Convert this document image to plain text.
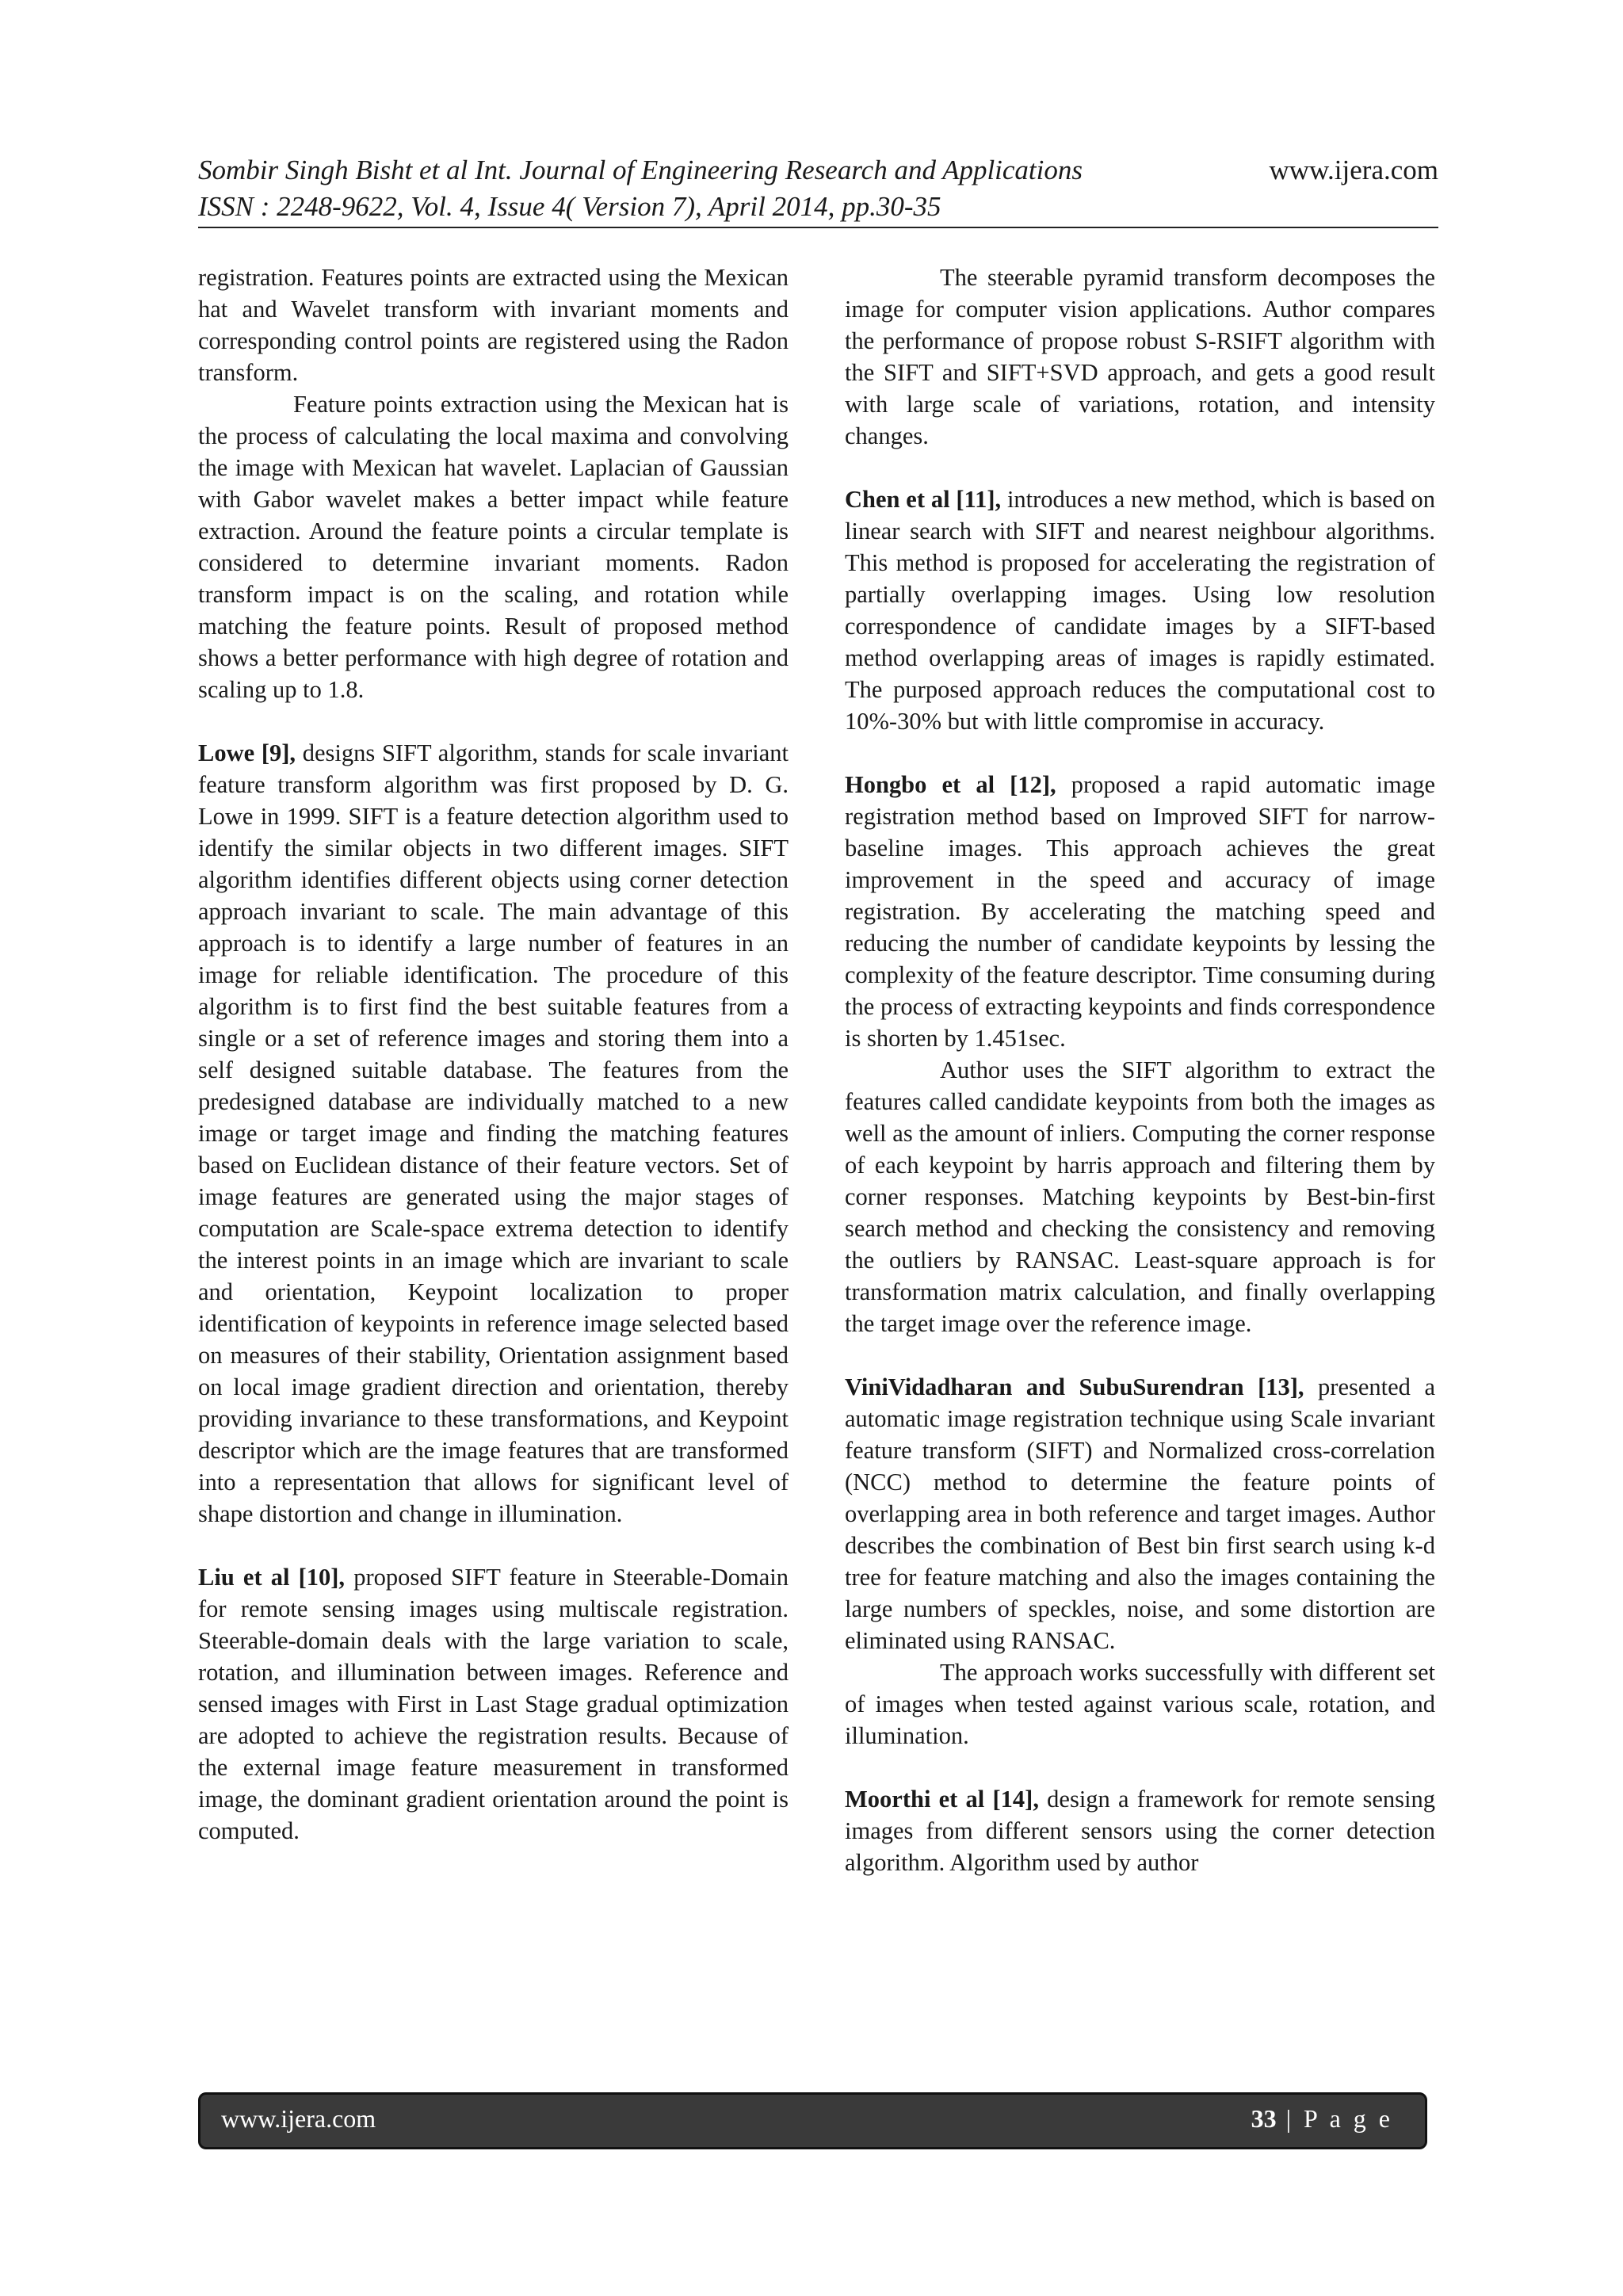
Sombir Singh Bisht et al Int. Journal of Engineering Research and Applications	www.ijera.com
ISSN : 2248-9622, Vol. 4, Issue 4( Version 7), April 2014, pp.30-35

registration. Features points are extracted using the Mexican hat and Wavelet transform with invariant moments and corresponding control points are registered using the Radon transform.

Feature points extraction using the Mexican hat is the process of calculating the local maxima and convolving the image with Mexican hat wavelet. Laplacian of Gaussian with Gabor wavelet makes a better impact while feature extraction. Around the feature points a circular template is considered to determine invariant moments. Radon transform impact is on the scaling, and rotation while matching the feature points. Result of proposed method shows a better performance with high degree of rotation and scaling up to 1.8.

Lowe [9], designs SIFT algorithm, stands for scale invariant feature transform algorithm was first proposed by D. G. Lowe in 1999. SIFT is a feature detection algorithm used to identify the similar objects in two different images. SIFT algorithm identifies different objects using corner detection approach invariant to scale. The main advantage of this approach is to identify a large number of features in an image for reliable identification. The procedure of this algorithm is to first find the best suitable features from a single or a set of reference images and storing them into a self designed suitable database. The features from the predesigned database are individually matched to a new image or target image and finding the matching features based on Euclidean distance of their feature vectors. Set of image features are generated using the major stages of computation are Scale-space extrema detection to identify the interest points in an image which are invariant to scale and orientation, Keypoint localization to proper identification of keypoints in reference image selected based on measures of their stability, Orientation assignment based on local image gradient direction and orientation, thereby providing invariance to these transformations, and Keypoint descriptor which are the image features that are transformed into a representation that allows for significant level of shape distortion and change in illumination.

Liu et al [10], proposed SIFT feature in Steerable-Domain for remote sensing images using multiscale registration. Steerable-domain deals with the large variation to scale, rotation, and illumination between images. Reference and sensed images with First in Last Stage gradual optimization are adopted to achieve the registration results. Because of the external image feature measurement in transformed image, the dominant gradient orientation around the point is computed.

The steerable pyramid transform decomposes the image for computer vision applications. Author compares the performance of propose robust S-RSIFT algorithm with the SIFT and SIFT+SVD approach, and gets a good result with large scale of variations, rotation, and intensity changes.

Chen et al [11], introduces a new method, which is based on linear search with SIFT and nearest neighbour algorithms. This method is proposed for accelerating the registration of partially overlapping images. Using low resolution correspondence of candidate images by a SIFT-based method overlapping areas of images is rapidly estimated. The purposed approach reduces the computational cost to 10%-30% but with little compromise in accuracy.

Hongbo et al [12], proposed a rapid automatic image registration method based on Improved SIFT for narrow-baseline images. This approach achieves the great improvement in the speed and accuracy of image registration. By accelerating the matching speed and reducing the number of candidate keypoints by lessing the complexity of the feature descriptor. Time consuming during the process of extracting keypoints and finds correspondence is shorten by 1.451sec.

Author uses the SIFT algorithm to extract the features called candidate keypoints from both the images as well as the amount of inliers. Computing the corner response of each keypoint by harris approach and filtering them by corner responses. Matching keypoints by Best-bin-first search method and checking the consistency and removing the outliers by RANSAC. Least-square approach is for transformation matrix calculation, and finally overlapping the target image over the reference image.

ViniVidadharan and SubuSurendran [13], presented a automatic image registration technique using Scale invariant feature transform (SIFT) and Normalized cross-correlation (NCC) method to determine the feature points of overlapping area in both reference and target images. Author describes the combination of Best bin first search using k-d tree for feature matching and also the images containing the large numbers of speckles, noise, and some distortion are eliminated using RANSAC.

The approach works successfully with different set of images when tested against various scale, rotation, and illumination.

Moorthi et al [14], design a framework for remote sensing images from different sensors using the corner detection algorithm. Algorithm used by author

www.ijera.com	33 | P a g e
